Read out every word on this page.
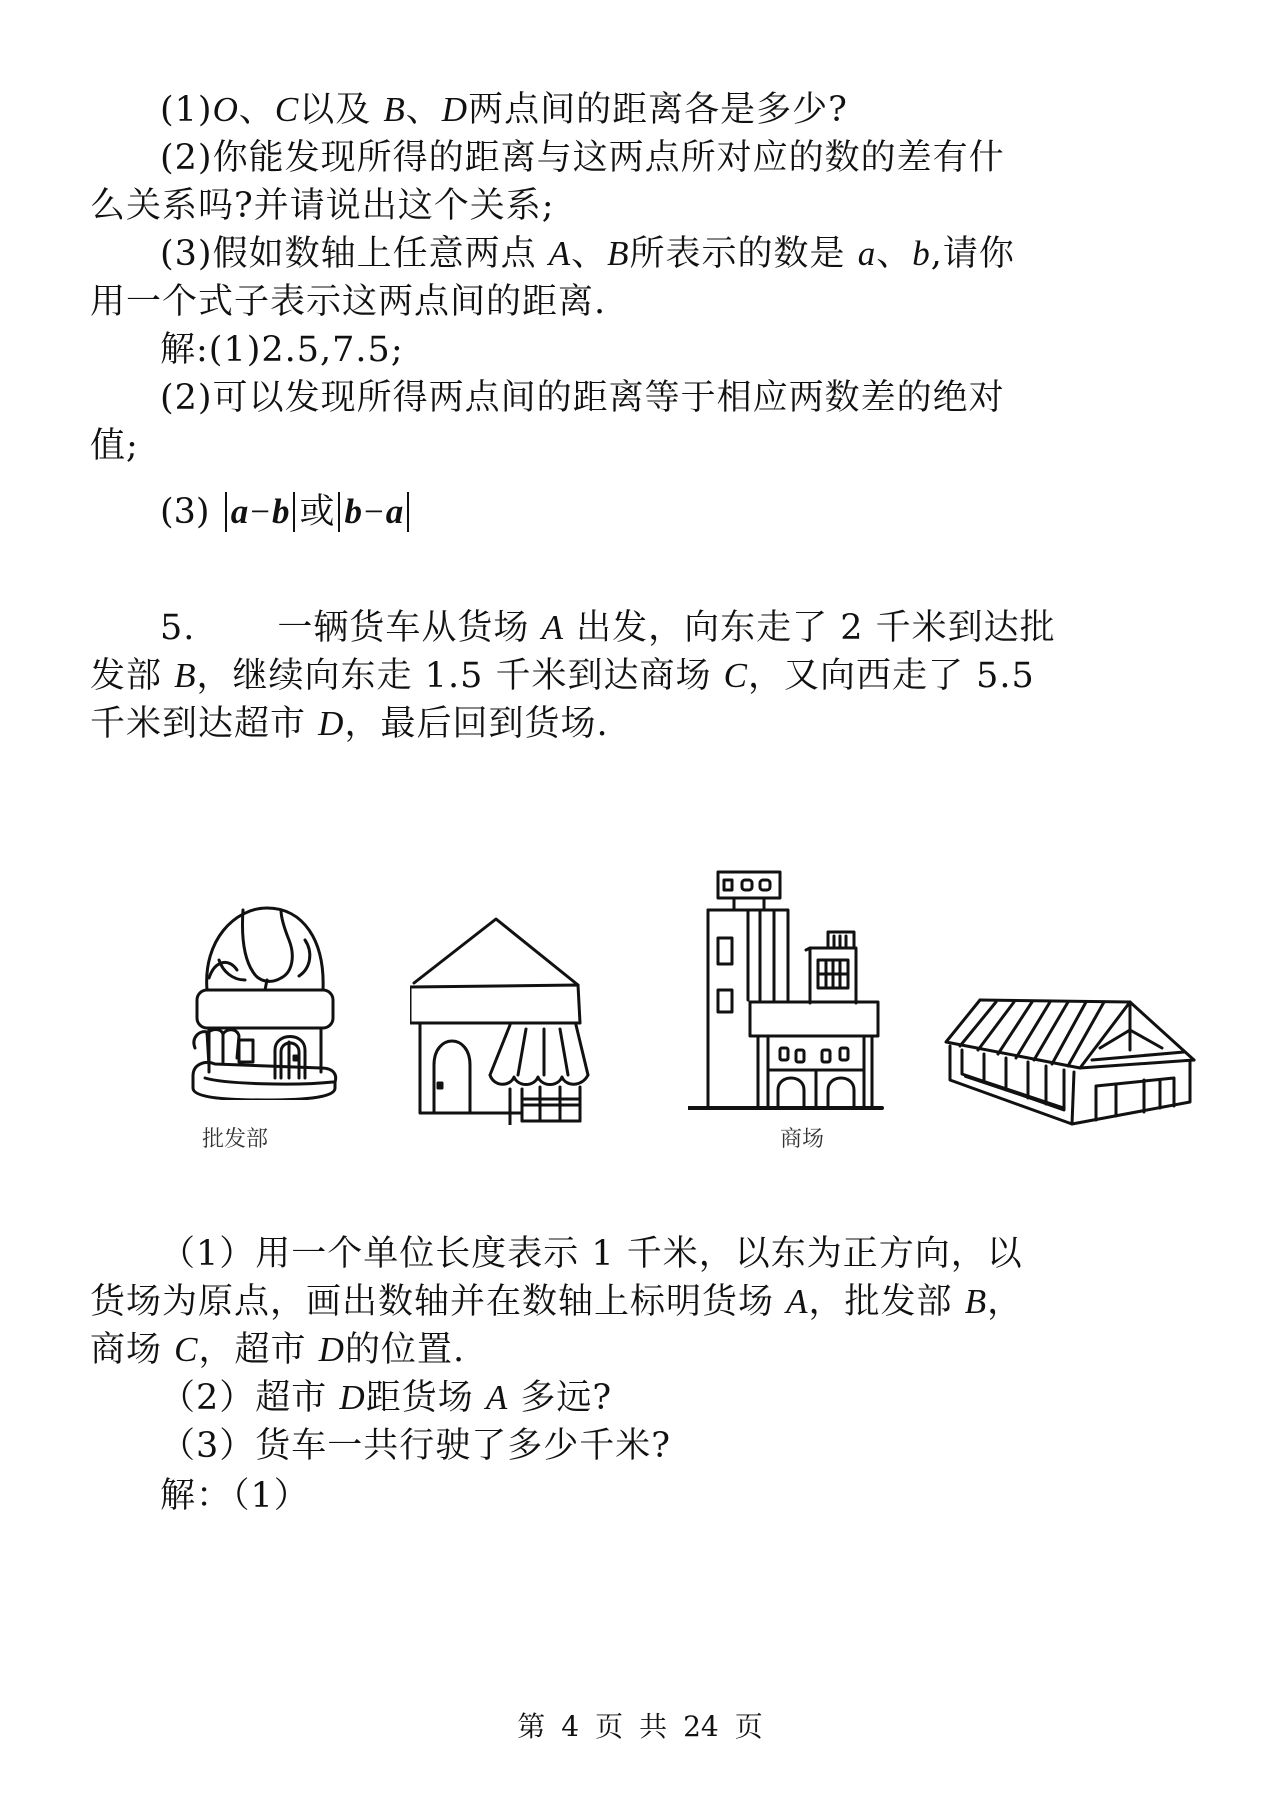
(1)O、C以及 B、D两点间的距离各是多少?
(2)你能发现所得的距离与这两点所对应的数的差有什
么关系吗?并请说出这个关系;
(3)假如数轴上任意两点 A、B所表示的数是 a、b,请你
用一个式子表示这两点间的距离.
解:(1)2.5,7.5;
(2)可以发现所得两点间的距离等于相应两数差的绝对
值;
(3) a−b 或 b−a
5. 一辆货车从货场 A 出发，向东走了 2 千米到达批
发部 B，继续向东走 1.5 千米到达商场 C，又向西走了 5.5
千米到达超市 D，最后回到货场.
批发部	商场
（1）用一个单位长度表示 1 千米，以东为正方向，以
货场为原点，画出数轴并在数轴上标明货场 A，批发部 B，
商场 C，超市 D的位置.
（2）超市 D距货场 A 多远?
（3）货车一共行驶了多少千米?
解：（1）
第 4 页 共 24 页
